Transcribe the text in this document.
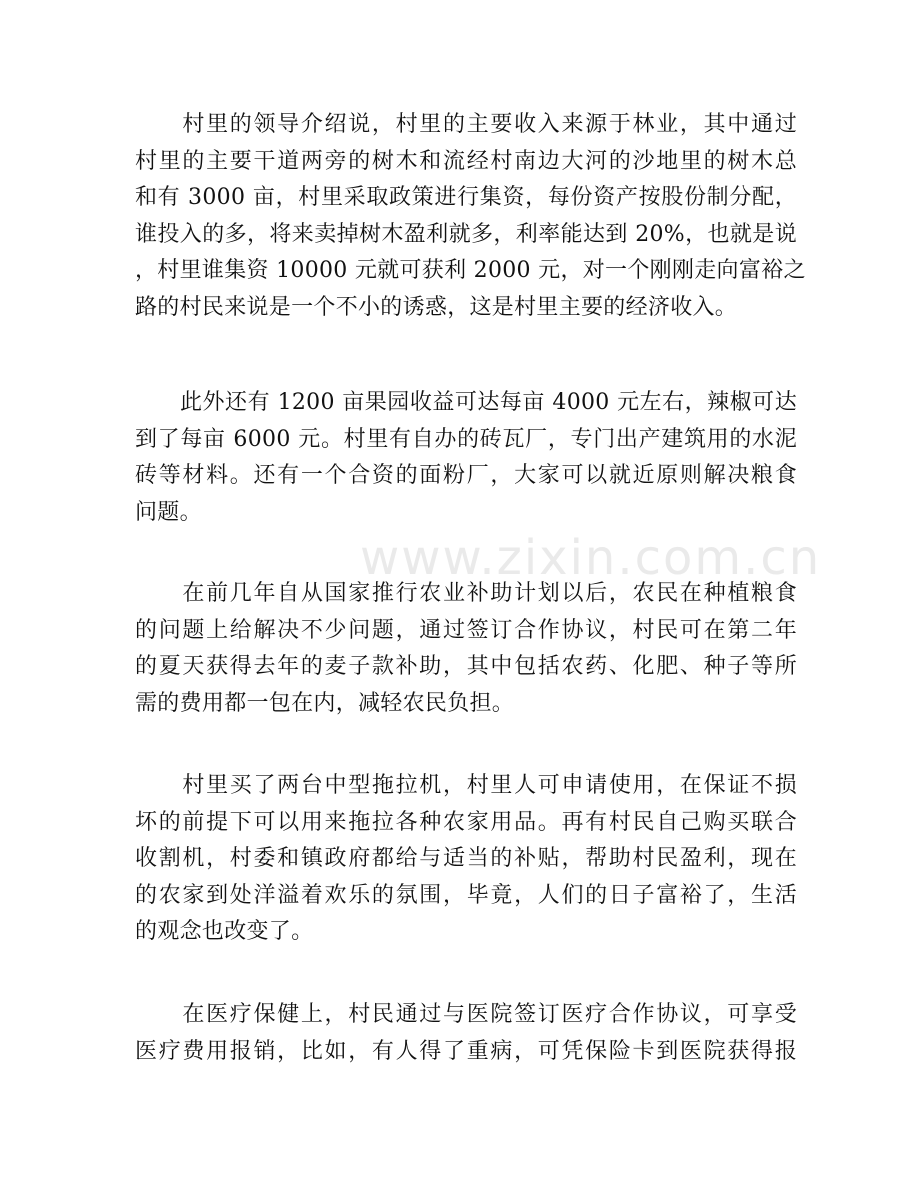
www.zixin.com.cn
　　村里的领导介绍说，村里的主要收入来源于林业，其中通过
村里的主要干道两旁的树木和流经村南边大河的沙地里的树木总
和有 3000 亩，村里采取政策进行集资，每份资产按股份制分配，
谁投入的多，将来卖掉树木盈利就多，利率能达到 20%，也就是说
，村里谁集资 10000 元就可获利 2000 元，对一个刚刚走向富裕之
路的村民来说是一个不小的诱惑，这是村里主要的经济收入。
　　此外还有 1200 亩果园收益可达每亩 4000 元左右，辣椒可达
到了每亩 6000 元。村里有自办的砖瓦厂，专门出产建筑用的水泥
砖等材料。还有一个合资的面粉厂，大家可以就近原则解决粮食
问题。
　　在前几年自从国家推行农业补助计划以后，农民在种植粮食
的问题上给解决不少问题，通过签订合作协议，村民可在第二年
的夏天获得去年的麦子款补助，其中包括农药、化肥、种子等所
需的费用都一包在内，减轻农民负担。
　　村里买了两台中型拖拉机，村里人可申请使用，在保证不损
坏的前提下可以用来拖拉各种农家用品。再有村民自己购买联合
收割机，村委和镇政府都给与适当的补贴，帮助村民盈利，现在
的农家到处洋溢着欢乐的氛围，毕竟，人们的日子富裕了，生活
的观念也改变了。
　　在医疗保健上，村民通过与医院签订医疗合作协议，可享受
医疗费用报销，比如，有人得了重病，可凭保险卡到医院获得报
